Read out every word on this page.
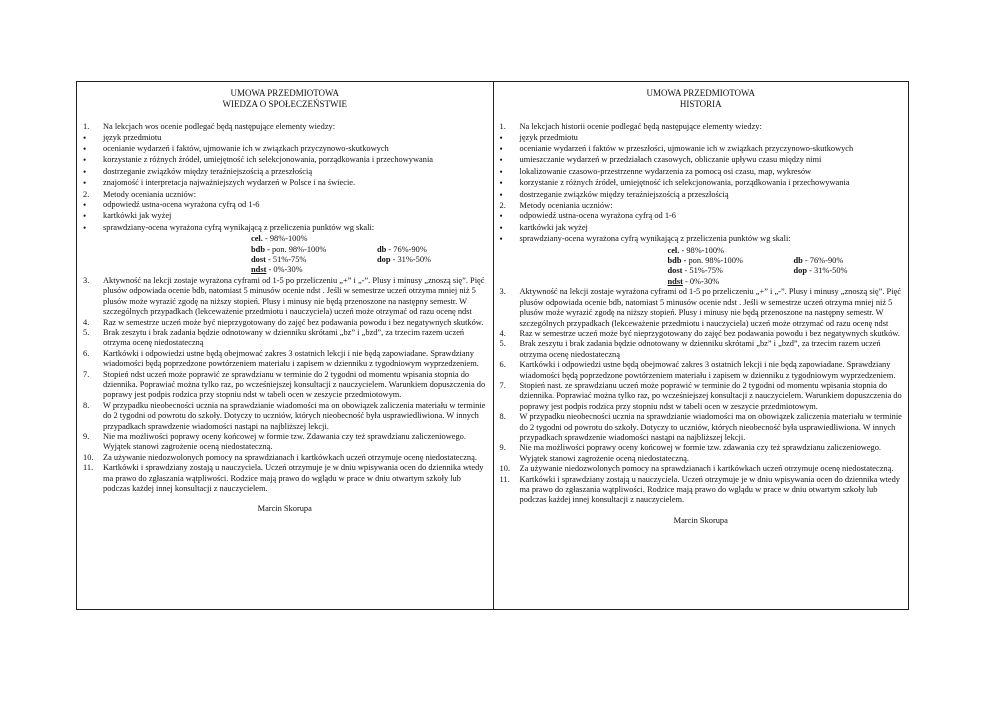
UMOWA PRZEDMIOTOWA
WIEDZA O SPOŁECZEŃSTWIE
1.	Na lekcjach wos ocenie podlegać będą następujące elementy wiedzy:
•
język przedmiotu
•
ocenianie wydarzeń i faktów, ujmowanie ich w związkach przyczynowo-skutkowych
•
korzystanie z różnych źródeł, umiejętność ich selekcjonowania, porządkowania i przechowywania
•
dostrzeganie związków między teraźniejszością a przeszłością
•
znajomość i interpretacja najważniejszych wydarzeń w Polsce i na świecie.
2.	Metody oceniania uczniów:
•
odpowiedź ustna-ocena wyrażona cyfrą od 1-6
•
kartkówki jak wyżej
•
sprawdziany-ocena wyrażona cyfrą wynikającą z przeliczenia punktów wg skali:
cel. - 98%-100%
bdb - pon. 98%-100%	db - 76%-90%
dost - 51%-75%	dop - 31%-50%
ndst - 0%-30%
3.	Aktywność na lekcji zostaje wyrażona cyframi od 1-5 po przeliczeniu „+” i „-”. Plusy i minusy „znoszą się”. Pięć plusów odpowiada ocenie bdb, natomiast 5 minusów ocenie ndst . Jeśli w semestrze uczeń otrzyma mniej niż 5 plusów może wyrazić zgodę na niższy stopień. Plusy i minusy nie będą przenoszone na następny semestr. W szczególnych przypadkach (lekceważenie przedmiotu i nauczyciela) uczeń może otrzymać od razu ocenę ndst
4.	Raz w semestrze uczeń może być nieprzygotowany do zajęć bez podawania powodu i bez negatywnych skutków.
5.	Brak zeszytu i brak zadania będzie odnotowany w dzienniku skrótami „bz” i „bzd”, za trzecim razem uczeń otrzyma ocenę niedostateczną
6.	Kartkówki i odpowiedzi ustne będą obejmować zakres 3 ostatnich lekcji i nie będą zapowiadane. Sprawdziany wiadomości będą poprzedzone powtórzeniem materiału i zapisem w dzienniku z tygodniowym wyprzedzeniem.
7.	Stopień ndst uczeń może poprawić ze sprawdzianu w terminie do 2 tygodni od momentu wpisania stopnia do dziennika. Poprawiać można tylko raz, po wcześniejszej konsultacji z nauczycielem. Warunkiem dopuszczenia do poprawy jest podpis rodzica przy stopniu ndst w tabeli ocen w zeszycie przedmiotowym.
8.	W przypadku nieobecności ucznia na sprawdzianie wiadomości ma on obowiązek zaliczenia materiału w terminie do 2 tygodni od powrotu do szkoły. Dotyczy to uczniów, których nieobecność była usprawiedliwiona. W innych przypadkach sprawdzenie wiadomości nastąpi na najbliższej lekcji.
9.	Nie ma możliwości poprawy oceny końcowej w formie tzw. Zdawania czy też sprawdzianu zaliczeniowego. Wyjątek stanowi zagrożenie oceną niedostateczną.
10.	Za używanie niedozwolonych pomocy na sprawdzianach i kartkówkach uczeń otrzymuje ocenę niedostateczną.
11.	Kartkówki i sprawdziany zostają u nauczyciela. Uczeń otrzymuje je w dniu wpisywania ocen do dziennika wtedy ma prawo do zgłaszania wątpliwości. Rodzice mają prawo do wglądu w prace w dniu otwartym szkoły lub podczas każdej innej konsultacji z nauczycielem.
Marcin Skorupa
UMOWA PRZEDMIOTOWA
HISTORIA
1.	Na lekcjach historii ocenie podlegać będą następujące elementy wiedzy:
•
język przedmiotu
•
ocenianie wydarzeń i faktów w przeszłości, ujmowanie ich w związkach przyczynowo-skutkowych
•
umieszczanie wydarzeń w przedziałach czasowych, obliczanie upływu czasu między nimi
•
lokalizowanie czasowo-przestrzenne wydarzenia za pomocą osi czasu, map, wykresów
•
korzystanie z różnych źródeł, umiejętność ich selekcjonowania, porządkowania i przechowywania
•
dostrzeganie związków między teraźniejszością a przeszłością
2.	Metody oceniania uczniów:
•
odpowiedź ustna-ocena wyrażona cyfrą od 1-6
•
kartkówki jak wyżej
•
sprawdziany-ocena wyrażona cyfrą wynikającą z przeliczenia punktów wg skali:
cel. - 98%-100%
bdb - pon. 98%-100%	db - 76%-90%
dost - 51%-75%	dop - 31%-50%
ndst - 0%-30%
3.	Aktywność na lekcji zostaje wyrażona cyframi od 1-5 po przeliczeniu „+” i „-”. Plusy i minusy „znoszą się”. Pięć plusów odpowiada ocenie bdb, natomiast 5 minusów ocenie ndst . Jeśli w semestrze uczeń otrzyma mniej niż 5 plusów może wyrazić zgodę na niższy stopień. Plusy i minusy nie będą przenoszone na następny semestr. W szczególnych przypadkach (lekceważenie przedmiotu i nauczyciela) uczeń może otrzymać od razu ocenę ndst
4.	Raz w semestrze uczeń może być nieprzygotowany do zajęć bez podawania powodu i bez negatywnych skutków.
5.	Brak zeszytu i brak zadania będzie odnotowany w dzienniku skrótami „bz” i „bzd”, za trzecim razem uczeń otrzyma ocenę niedostateczną
6.	Kartkówki i odpowiedzi ustne będą obejmować zakres 3 ostatnich lekcji i nie będą zapowiadane. Sprawdziany wiadomości będą poprzedzone powtórzeniem materiału i zapisem w dzienniku z tygodniowym wyprzedzeniem.
7.	Stopień nast. ze sprawdzianu uczeń może poprawić w terminie do 2 tygodni od momentu wpisania stopnia do dziennika. Poprawiać można tylko raz, po wcześniejszej konsultacji z nauczycielem. Warunkiem dopuszczenia do poprawy jest podpis rodzica przy stopniu ndst w tabeli ocen w zeszycie przedmiotowym.
8.	W przypadku nieobecności ucznia na sprawdzianie wiadomości ma on obowiązek zaliczenia materiału w terminie do 2 tygodni od powrotu do szkoły. Dotyczy to uczniów, których nieobecność była usprawiedliwiona. W innych przypadkach sprawdzenie wiadomości nastąpi na najbliższej lekcji.
9.	Nie ma możliwości poprawy oceny końcowej w formie tzw. zdawania czy też sprawdzianu zaliczeniowego. Wyjątek stanowi zagrożenie oceną niedostateczną.
10.	Za używanie niedozwolonych pomocy na sprawdzianach i kartkówkach uczeń otrzymuje ocenę niedostateczną.
11.	Kartkówki i sprawdziany zostają u nauczyciela. Uczeń otrzymuje je w dniu wpisywania ocen do dziennika wtedy ma prawo do zgłaszania wątpliwości. Rodzice mają prawo do wglądu w prace w dniu otwartym szkoły lub podczas każdej innej konsultacji z nauczycielem.
Marcin Skorupa
